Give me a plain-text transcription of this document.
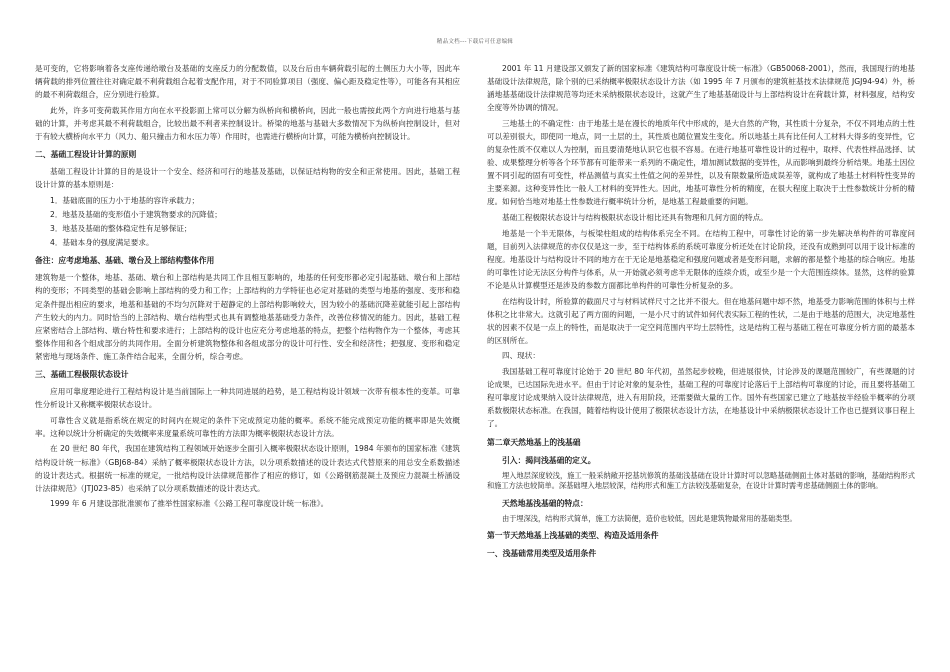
精品文档---下载后可任意编辑

是可变的，它将影响着各支座传递给墩台及基础的支座反力的分配数值，以及台后由车辆荷载引起的土侧压力大小等，因此车辆荷载的排列位置往往对确定最不利荷载组合起着支配作用，对于不同验算项目（强度、偏心距及稳定性等），可能各有其相应的最不利荷载组合，应分别进行验算。

此外，许多可变荷载其作用方向在水平投影面上常可以分解为纵桥向和横桥向，因此一般也需按此两个方向进行地基与基础的计算，并考虑其最不利荷载组合，比较出最不利者来控制设计。桥梁的地基与基础大多数情况下为纵桥向控制设计，但对于有较大横桥向水平力（风力、船只撞击力和水压力等）作用时，也需进行横桥向计算，可能为横桥向控制设计。

二、基础工程设计计算的原则

基础工程设计计算的目的是设计一个安全、经济和可行的地基及基础，以保证结构物的安全和正常使用。因此，基础工程设计计算的基本原则是：

1．基础底面的压力小于地基的容许承载力；
2．地基及基础的变形值小于建筑物要求的沉降值；
3．地基及基础的整体稳定性有足够保证；
4．基础本身的强度满足要求。
备注：应考虑地基、基础、墩台及上部结构整体作用

建筑物是一个整体，地基、基础、墩台和上部结构是共同工作且相互影响的，地基的任何变形都必定引起基础、墩台和上部结构的变形；不同类型的基础会影响上部结构的受力和工作；上部结构的力学特征也必定对基础的类型与地基的强度、变形和稳定条件提出相应的要求，地基和基础的不均匀沉降对于超静定的上部结构影响较大，因为较小的基础沉降差就能引起上部结构产生较大的内力。同时恰当的上部结构、墩台结构型式也具有调整地基基础受力条件，改善位移情况的能力。因此，基础工程应紧密结合上部结构、墩台特性和要求进行；上部结构的设计也应充分考虑地基的特点，把整个结构物作为一个整体，考虑其整体作用和各个组成部分的共同作用。全面分析建筑物整体和各组成部分的设计可行性、安全和经济性；把强度、变形和稳定紧密地与现场条件、施工条件结合起来，全面分析，综合考虑。

三、基础工程极限状态设计

应用可靠度理论进行工程结构设计是当前国际上一种共同进展的趋势，是工程结构设计领域一次带有根本性的变革。可靠性分析设计又称概率极限状态设计。

可靠性含义就是指系统在规定的时间内在规定的条件下完成预定功能的概率。系统不能完成预定功能的概率即是失效概率。这种以统计分析确定的失效概率来度量系统可靠性的方法即为概率极限状态设计方法。

在 20 世纪 80 年代，我国在建筑结构工程领域开始逐步全面引入概率极限状态设计原则，1984 年颁布的国家标准《建筑结构设计统一标准》（GBJ68-84）采纳了概率极限状态设计方法，以分项系数描述的设计表达式代替原来的用总安全系数描述的设计表达式。根据统一标准的规定，一批结构设计法律规范都作了相应的修订，如《公路钢筋混凝土及预应力混凝土桥涵设计法律规范》（JTJ023-85）也采纳了以分项系数描述的设计表达式。

1999 年 6 月建设部批准颁布了推举性国家标准《公路工程可靠度设计统一标准》。

2001 年 11 月建设部又颁发了新的国家标准《建筑结构可靠度设计统一标准》（GB50068-2001），然而，我国现行的地基基础设计法律规范，除个别的已采纳概率极限状态设计方法（如 1995 年 7 月颁布的建筑桩基技术法律规范 JGJ94-94）外，桥涵地基基础设计法律规范等均还未采纳极限状态设计，这就产生了地基基础设计与上部结构设计在荷载计算，材料强度，结构安全度等外协调的情况。

三地基土的不确定性：由于地基土是在漫长的地质年代中形成的，是大自然的产物，其性质十分复杂，不仅不同地点的土性可以差别很大，即使同一地点，同一土层的土，其性质也随位置发生变化。所以地基土具有比任何人工材料大得多的变异性，它的复杂性质不仅难以人为控制，而且要清楚地认识它也很不容易。在进行地基可靠性设计的过程中，取样、代表性样品选择、试验、成果整理分析等各个环节都有可能带来一系列的不确定性，增加测试数据的变异性，从而影响到最终分析结果。地基土因位置不同引起的固有可变性，样品测值与真实土性值之间的差异性，以及有限数量所造成误差等，就构成了地基土材料特性变异的主要来源。这种变异性比一般人工材料的变异性大。因此，地基可靠性分析的精度，在很大程度上取决于土性参数统计分析的精度。如何恰当地对地基土性参数进行概率统计分析，是地基工程最重要的问题。

基础工程极限状态设计与结构极限状态设计相比还具有物理和几何方面的特点。

地基是一个半无限体，与板梁柱组成的结构体系完全不同。在结构工程中，可靠性讨论的第一步先解决单构件的可靠度问题，目前列入法律规范的亦仅仅是这一步，至于结构体系的系统可靠度分析还处在讨论阶段，还没有成熟到可以用于设计标准的程度。地基设计与结构设计不同的地方在于无论是地基稳定和强度问题或者是变形问题，求解的都是整个地基的综合响应。地基的可靠性讨论无法区分构件与体系，从一开始就必须考虑半无限体的连续介质，或至少是一个大范围连续体。显然，这样的验算不论是从计算模型还是涉及的参数方面都比单构件的可靠性分析复杂的多。

在结构设计时，所验算的截面尺寸与材料试样尺寸之比并不很大。但在地基问题中却不然，地基受力影响范围的体积与土样体积之比非常大。这就引起了两方面的问题，一是小尺寸的试件如何代表实际工程的性状，二是由于地基的范围大，决定地基性状的因素不仅是一点上的特性，而是取决于一定空间范围内平均土层特性，这是结构工程与基础工程在可靠度分析方面的最基本的区别所在。

四、现状：

我国基础工程可靠度讨论始于 20 世纪 80 年代初，虽然起步较晚，但进展很快，讨论涉及的课题范围较广，有些课题的讨论成果，已达国际先进水平。但由于讨论对象的复杂性，基础工程的可靠度讨论落后于上部结构可靠度的讨论，而且要将基础工程可靠度讨论成果纳入设计法律规范，进入有用阶段，还需要做大量的工作。国外有些国家已建立了地基按半经验半概率的分项系数极限状态标准。在我国，随着结构设计使用了极限状态设计方法，在地基设计中采纳极限状态设计工作也已提到议事日程上了。

第二章天然地基上的浅基础
引入：揭问浅基础的定义。

埋入地层深度较浅，施工一般采纳敞开挖基坑修筑的基础浅基础在设计计算时可以忽略基础侧面土体对基础的影响，基础结构形式和施工方法也较简单。深基础埋入地层较深，结构形式和施工方法较浅基础复杂，在设计计算时需考虑基础侧面土体的影响。

天然地基浅基础的特点：

由于埋深浅，结构形式简单，施工方法简便，造价也较低，因此是建筑物最常用的基础类型。

第一节天然地基上浅基础的类型、构造及适用条件
一、浅基础常用类型及适用条件
